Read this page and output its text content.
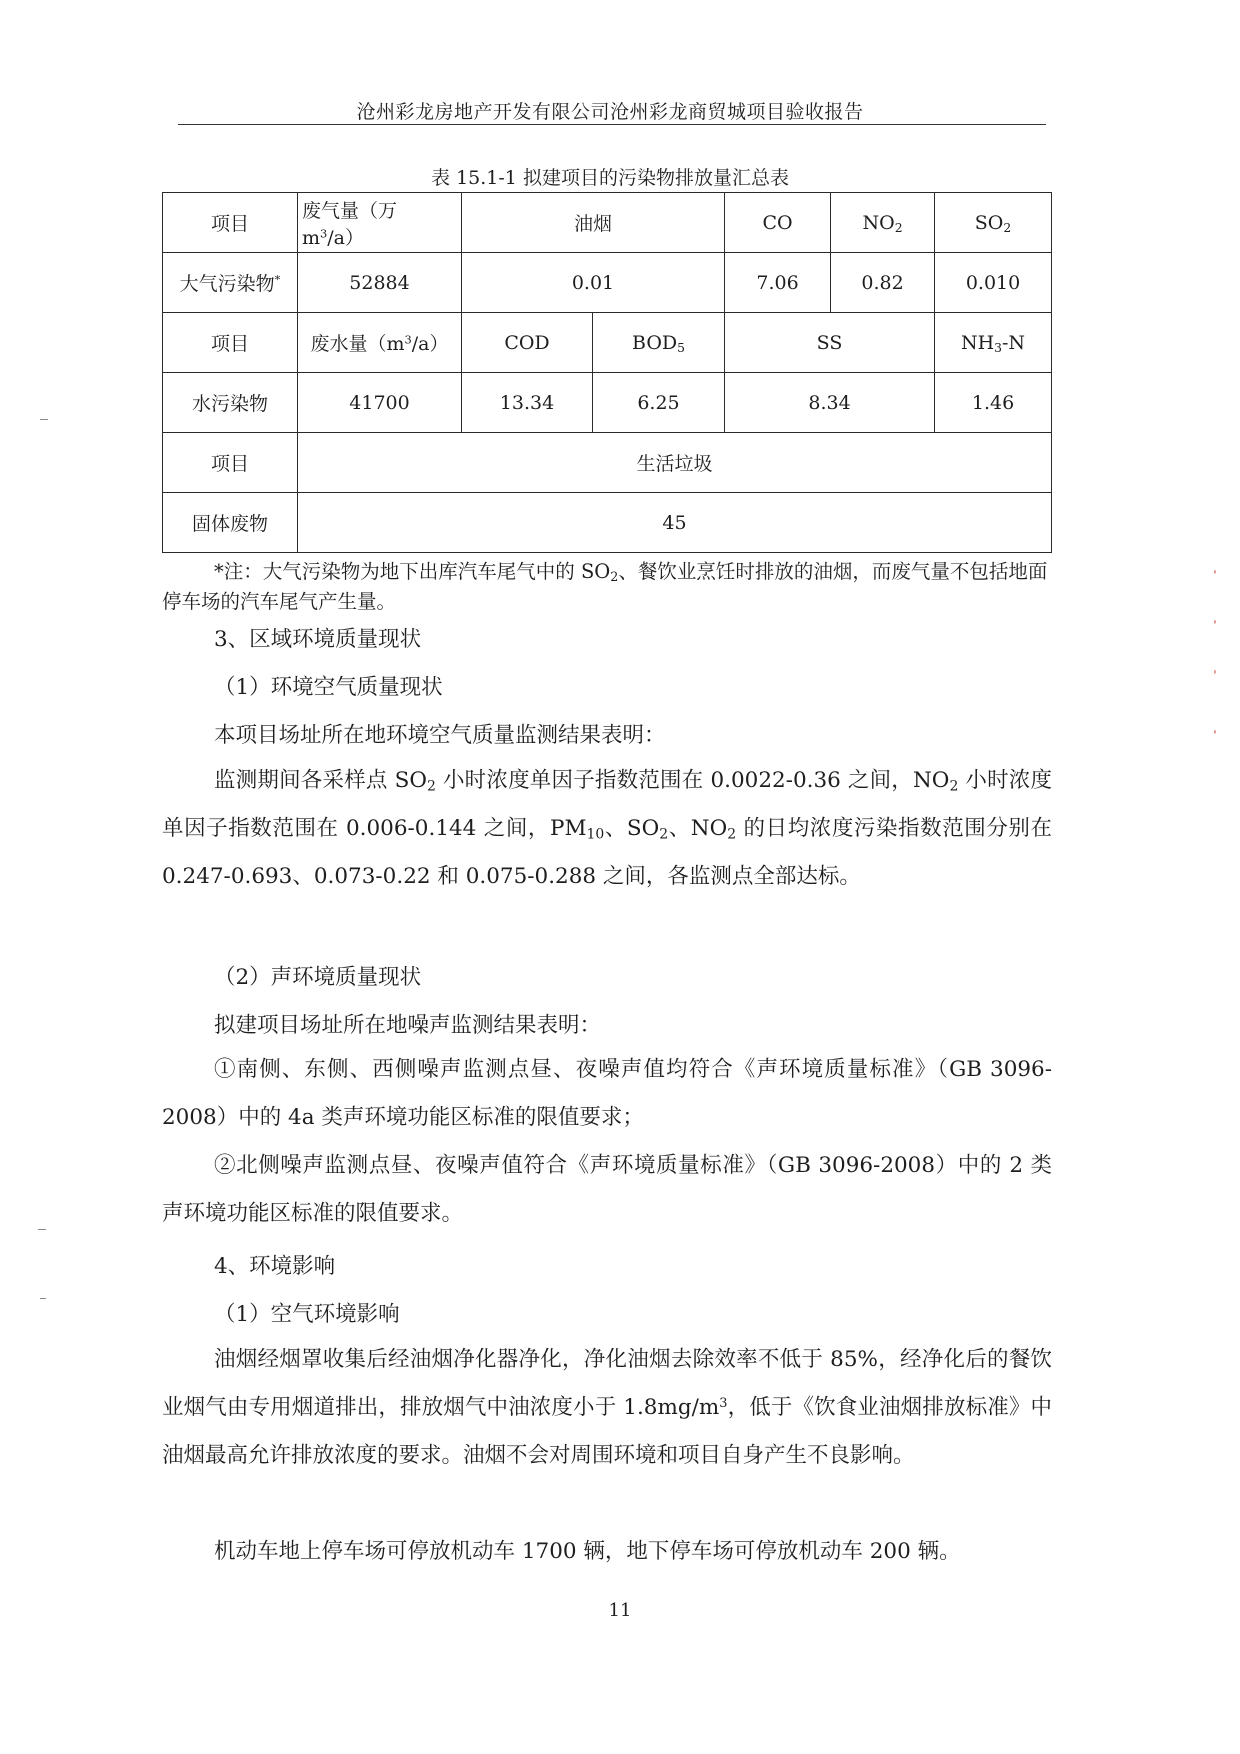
沧州彩龙房地产开发有限公司沧州彩龙商贸城项目验收报告
表 15.1-1 拟建项目的污染物排放量汇总表
项目	废气量（万 $m^3/a$）	油烟		CO	$NO_2$	$SO_2$
大气污染物*	52884	0.01		7.06	0.82	0.010
项目	废水量$(m^3/a)$	COD	$BOD_5$	SS		$NH_3-N$
水污染物	41700	13.34	6.25	8.34		1.46
项目	生活垃圾					
固体废物	45					
*注：大气污染物为地下出库汽车尾气中的 $SO_2$、餐饮业烹饪时排放的油烟，而废气量不包括地面停车场的汽车尾气产生量。
3、区域环境质量现状
（1）环境空气质量现状
本项目场址所在地环境空气质量监测结果表明：
监测期间各采样点 $SO_2$ 小时浓度单因子指数范围在 0.0022-0.36 之间，$NO_2$ 小时浓度单因子指数范围在 0.006-0.144 之间，$PM_{10}$、$SO_2$、$NO_2$ 的日均浓度污染指数范围分别在 0.247-0.693、0.073-0.22 和 0.075-0.288 之间，各监测点全部达标。
（2）声环境质量现状
拟建项目场址所在地噪声监测结果表明：
①南侧、东侧、西侧噪声监测点昼、夜噪声值均符合《声环境质量标准》（GB 3096-2008）中的 4a 类声环境功能区标准的限值要求；
②北侧噪声监测点昼、夜噪声值符合《声环境质量标准》（GB 3096-2008）中的 2 类声环境功能区标准的限值要求。
4、环境影响
（1）空气环境影响
油烟经烟罩收集后经油烟净化器净化，净化油烟去除效率不低于 85%，经净化后的餐饮业烟气由专用烟道排出，排放烟气中油浓度小于 $1.8mg/m^3$，低于《饮食业油烟排放标准》中油烟最高允许排放浓度的要求。油烟不会对周围环境和项目自身产生不良影响。
机动车地上停车场可停放机动车 1700 辆，地下停车场可停放机动车 200 辆。
11
ˌ
ˌ
ˌ
ˌ
